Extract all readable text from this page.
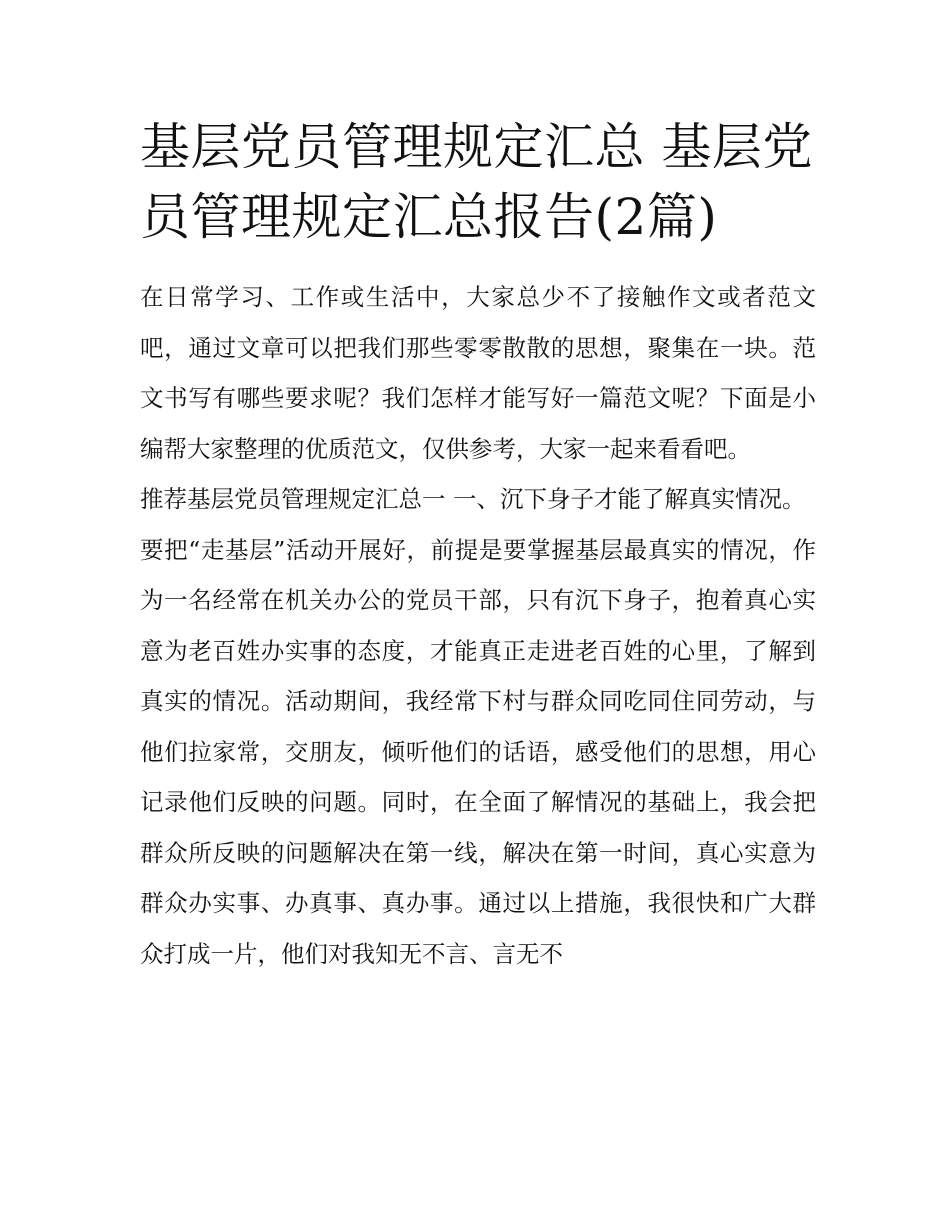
基层党员管理规定汇总 基层党员管理规定汇总报告(2篇)

在日常学习、工作或生活中，大家总少不了接触作文或者范文吧，通过文章可以把我们那些零零散散的思想，聚集在一块。范文书写有哪些要求呢？我们怎样才能写好一篇范文呢？下面是小编帮大家整理的优质范文，仅供参考，大家一起来看看吧。

推荐基层党员管理规定汇总一 一、沉下身子才能了解真实情况。

要把“走基层”活动开展好，前提是要掌握基层最真实的情况，作为一名经常在机关办公的党员干部，只有沉下身子，抱着真心实意为老百姓办实事的态度，才能真正走进老百姓的心里，了解到真实的情况。活动期间，我经常下村与群众同吃同住同劳动，与他们拉家常，交朋友，倾听他们的话语，感受他们的思想，用心记录他们反映的问题。同时，在全面了解情况的基础上，我会把群众所反映的问题解决在第一线，解决在第一时间，真心实意为群众办实事、办真事、真办事。通过以上措施，我很快和广大群众打成一片，他们对我知无不言、言无不
